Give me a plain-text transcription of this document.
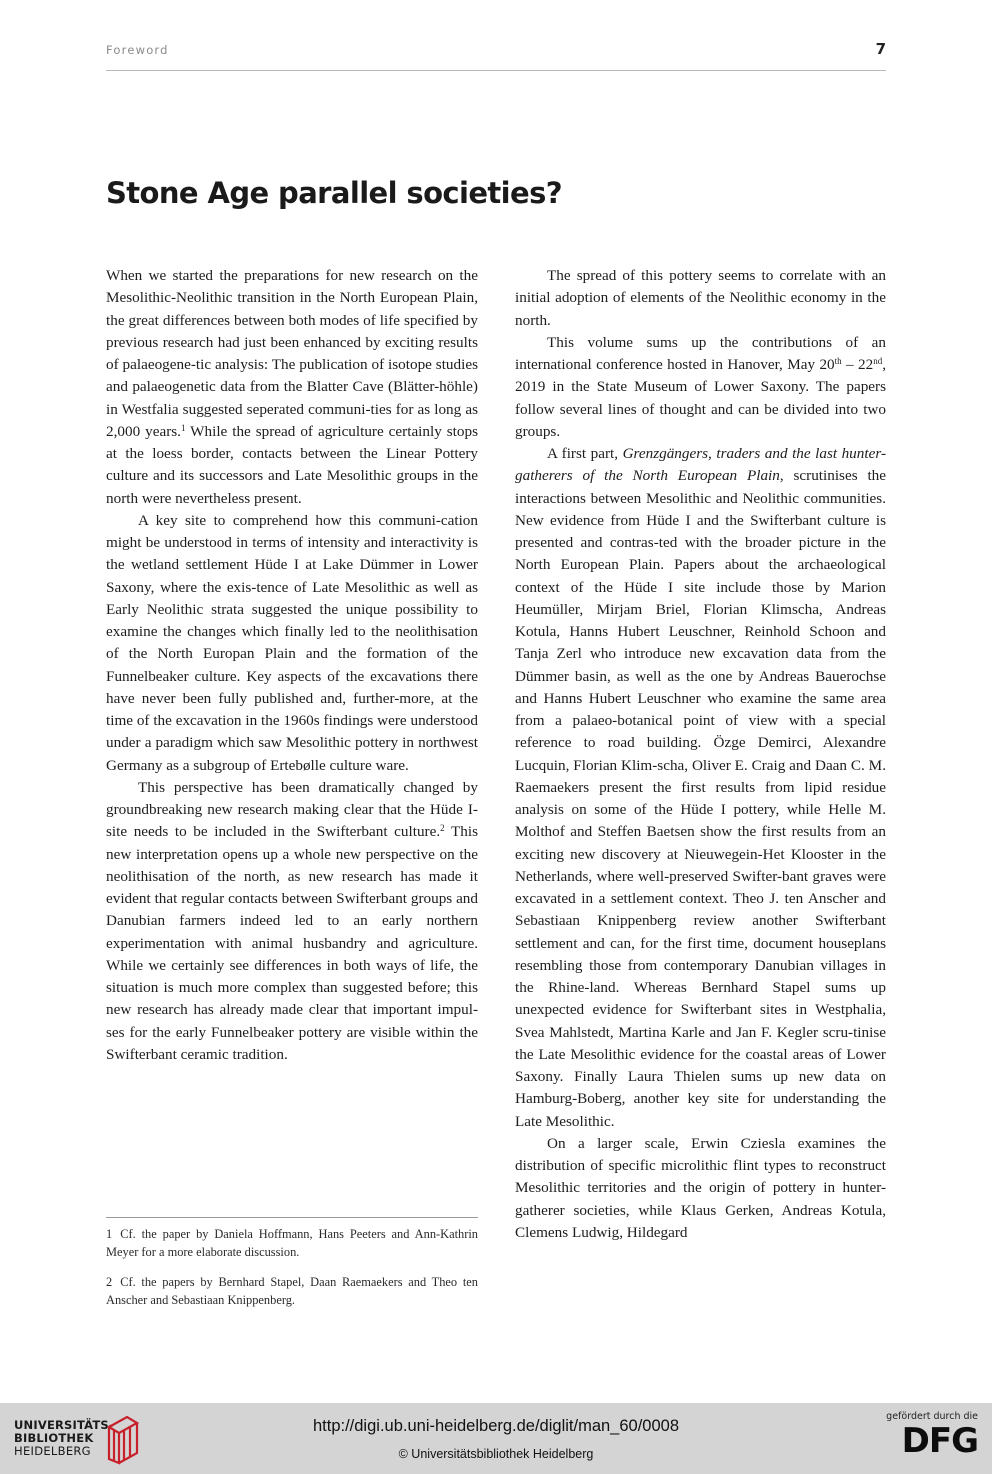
Foreword	7
Stone Age parallel societies?

When we started the preparations for new research on the Mesolithic-Neolithic transition in the North European Plain, the great differences between both modes of life specified by previous research had just been enhanced by exciting results of palaeogene-tic analysis: The publication of isotope studies and palaeogenetic data from the Blatter Cave (Blätter-höhle) in Westfalia suggested seperated communi-ties for as long as 2,000 years.$^1$ While the spread of agriculture certainly stops at the loess border, contacts between the Linear Pottery culture and its successors and Late Mesolithic groups in the north were nevertheless present.

A key site to comprehend how this communi-cation might be understood in terms of intensity and interactivity is the wetland settlement Hüde I at Lake Dümmer in Lower Saxony, where the exis-tence of Late Mesolithic as well as Early Neolithic strata suggested the unique possibility to examine the changes which finally led to the neolithisation of the North Europan Plain and the formation of the Funnelbeaker culture. Key aspects of the excavations there have never been fully published and, further-more, at the time of the excavation in the 1960s findings were understood under a paradigm which saw Mesolithic pottery in northwest Germany as a subgroup of Ertebølle culture ware.

This perspective has been dramatically changed by groundbreaking new research making clear that the Hüde I-site needs to be included in the Swifterbant culture.$^2$ This new interpretation opens up a whole new perspective on the neolithisation of the north, as new research has made it evident that regular contacts between Swifterbant groups and Danubian farmers indeed led to an early northern experimentation with animal husbandry and agriculture. While we certainly see differences in both ways of life, the situation is much more complex than suggested before; this new research has already made clear that important impul-ses for the early Funnelbeaker pottery are visible within the Swifterbant ceramic tradition.

The spread of this pottery seems to correlate with an initial adoption of elements of the Neolithic economy in the north.

This volume sums up the contributions of an international conference hosted in Hanover, May 20th – 22nd, 2019 in the State Museum of Lower Saxony. The papers follow several lines of thought and can be divided into two groups.

A first part, Grenzgängers, traders and the last hunter-gatherers of the North European Plain, scrutinises the interactions between Mesolithic and Neolithic communities. New evidence from Hüde I and the Swifterbant culture is presented and contras-ted with the broader picture in the North European Plain. Papers about the archaeological context of the Hüde I site include those by Marion Heumüller, Mirjam Briel, Florian Klimscha, Andreas Kotula, Hanns Hubert Leuschner, Reinhold Schoon and Tanja Zerl who introduce new excavation data from the Dümmer basin, as well as the one by Andreas Bauerochse and Hanns Hubert Leuschner who examine the same area from a palaeo-botanical point of view with a special reference to road building. Özge Demirci, Alexandre Lucquin, Florian Klim-scha, Oliver E. Craig and Daan C. M. Raemaekers present the first results from lipid residue analysis on some of the Hüde I pottery, while Helle M. Molthof and Steffen Baetsen show the first results from an exciting new discovery at Nieuwegein-Het Klooster in the Netherlands, where well-preserved Swifter-bant graves were excavated in a settlement context. Theo J. ten Anscher and Sebastiaan Knippenberg review another Swifterbant settlement and can, for the first time, document houseplans resembling those from contemporary Danubian villages in the Rhine-land. Whereas Bernhard Stapel sums up unexpected evidence for Swifterbant sites in Westphalia, Svea Mahlstedt, Martina Karle and Jan F. Kegler scru-tinise the Late Mesolithic evidence for the coastal areas of Lower Saxony. Finally Laura Thielen sums up new data on Hamburg-Boberg, another key site for understanding the Late Mesolithic.

On a larger scale, Erwin Cziesla examines the distribution of specific microlithic flint types to reconstruct Mesolithic territories and the origin of pottery in hunter-gatherer societies, while Klaus Gerken, Andreas Kotula, Clemens Ludwig, Hildegard

1 Cf. the paper by Daniela Hoffmann, Hans Peeters and Ann-Kathrin Meyer for a more elaborate discussion.
2 Cf. the papers by Bernhard Stapel, Daan Raemaekers and Theo ten Anscher and Sebastiaan Knippenberg.
UNIVERSITÄTS-
BIBLIOTHEK
HEIDELBERG
http://digi.ub.uni-heidelberg.de/diglit/man_60/0008
© Universitätsbibliothek Heidelberg
gefördert durch die
DFG
